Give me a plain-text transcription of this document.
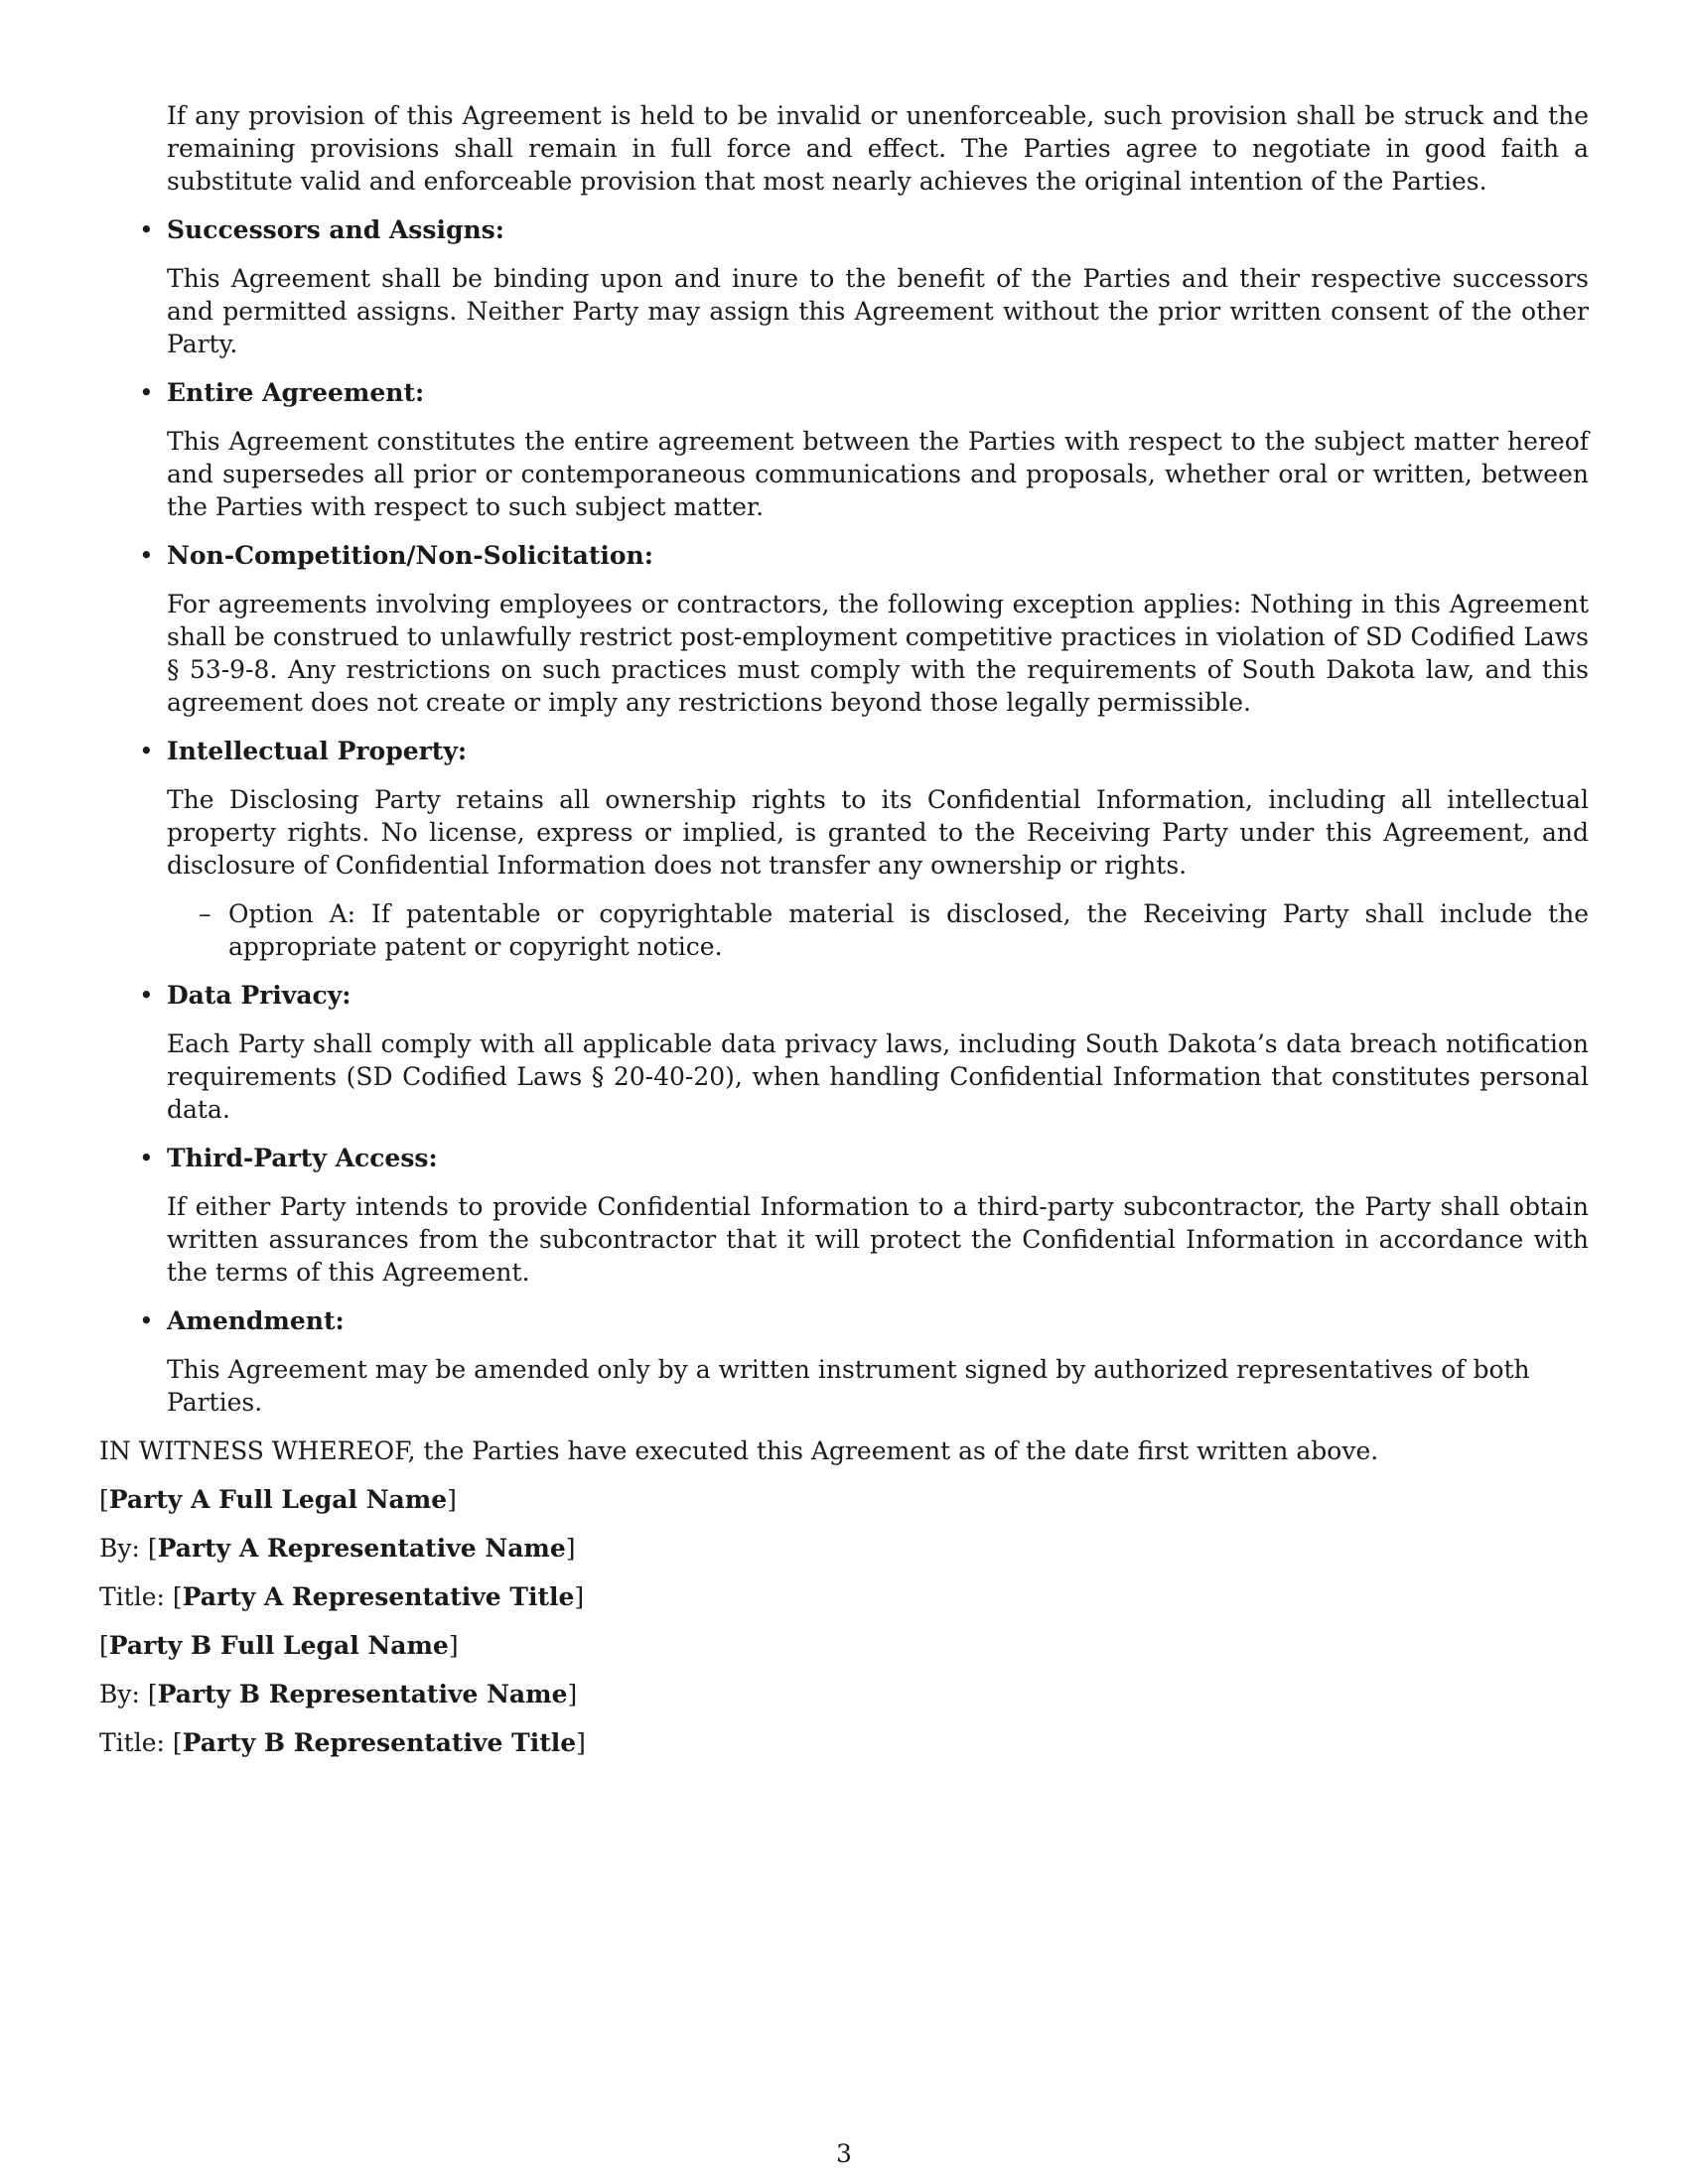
If any provision of this Agreement is held to be invalid or unenforceable, such provision shall be struck and the remaining provisions shall remain in full force and effect. The Parties agree to negotiate in good faith a substitute valid and enforceable provision that most nearly achieves the original intention of the Parties.

• Successors and Assigns:

This Agreement shall be binding upon and inure to the benefit of the Parties and their respective successors and permitted assigns. Neither Party may assign this Agreement without the prior written consent of the other Party.

• Entire Agreement:

This Agreement constitutes the entire agreement between the Parties with respect to the subject matter hereof and supersedes all prior or contemporaneous communications and proposals, whether oral or written, between the Parties with respect to such subject matter.

• Non-Competition/Non-Solicitation:

For agreements involving employees or contractors, the following exception applies: Nothing in this Agreement shall be construed to unlawfully restrict post-employment competitive practices in violation of SD Codified Laws § 53-9-8. Any restrictions on such practices must comply with the requirements of South Dakota law, and this agreement does not create or imply any restrictions beyond those legally permissible.

• Intellectual Property:

The Disclosing Party retains all ownership rights to its Confidential Information, including all intellectual property rights. No license, express or implied, is granted to the Receiving Party under this Agreement, and disclosure of Confidential Information does not transfer any ownership or rights.

– Option A: If patentable or copyrightable material is disclosed, the Receiving Party shall include the appropriate patent or copyright notice.
• Data Privacy:

Each Party shall comply with all applicable data privacy laws, including South Dakota’s data breach notification requirements (SD Codified Laws § 20-40-20), when handling Confidential Information that constitutes personal data.

• Third-Party Access:

If either Party intends to provide Confidential Information to a third-party subcontractor, the Party shall obtain written assurances from the subcontractor that it will protect the Confidential Information in accordance with the terms of this Agreement.

• Amendment:

This Agreement may be amended only by a written instrument signed by authorized representatives of both Parties.

IN WITNESS WHEREOF, the Parties have executed this Agreement as of the date first written above.

[Party A Full Legal Name]
By: [Party A Representative Name]
Title: [Party A Representative Title]
[Party B Full Legal Name]
By: [Party B Representative Name]
Title: [Party B Representative Title]
3
